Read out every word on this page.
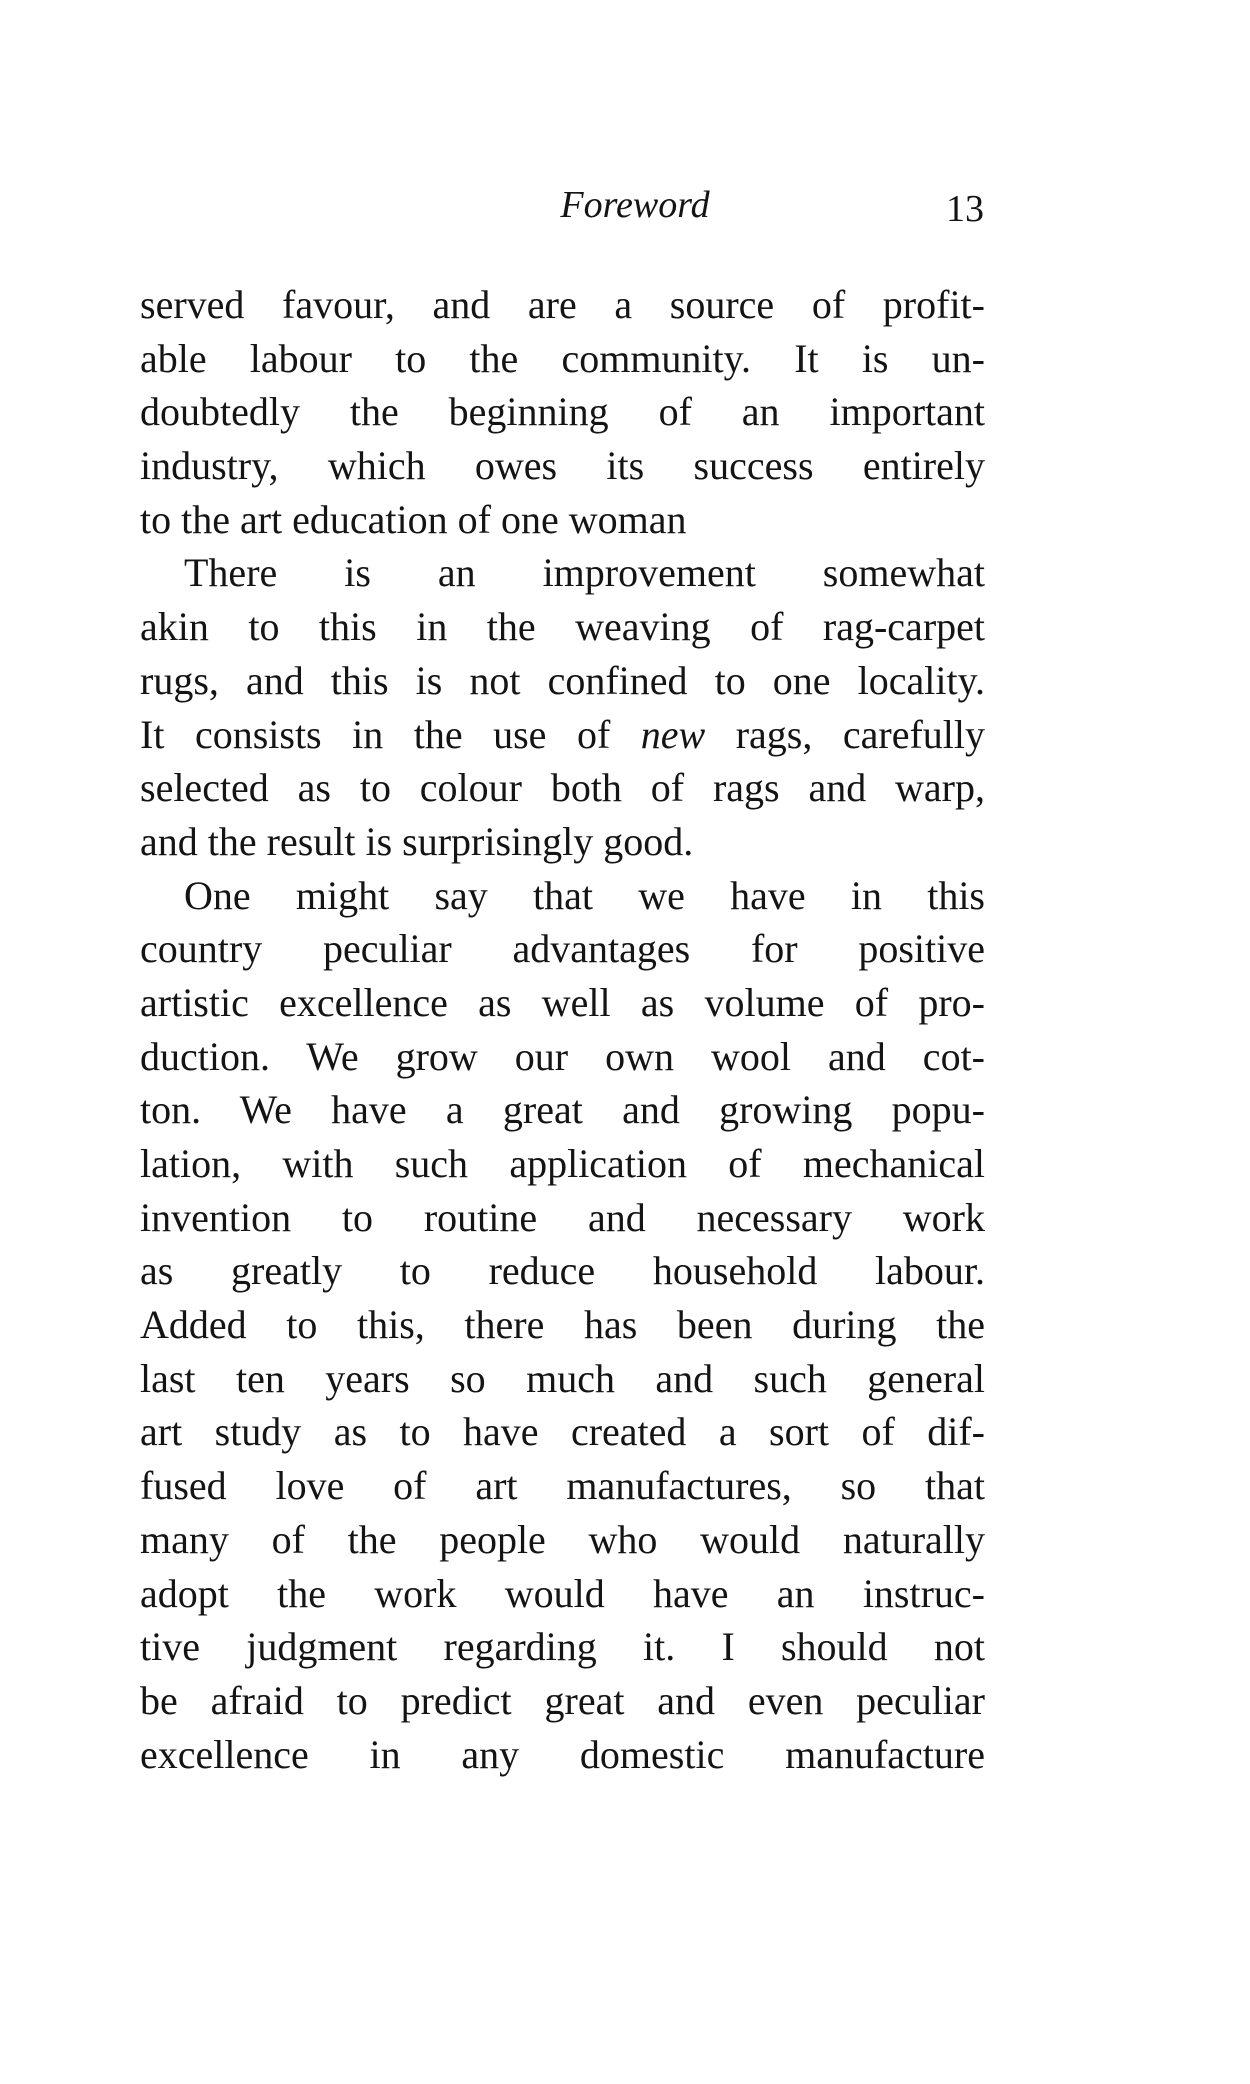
Foreword	13
served favour, and are a source of profit-
able labour to the community. It is un-
doubtedly the beginning of an important
industry, which owes its success entirely
to the art education of one woman
There is an improvement somewhat
akin to this in the weaving of rag-carpet
rugs, and this is not confined to one locality.
It consists in the use of new rags, carefully
selected as to colour both of rags and warp,
and the result is surprisingly good.
One might say that we have in this
country peculiar advantages for positive
artistic excellence as well as volume of pro-
duction. We grow our own wool and cot-
ton. We have a great and growing popu-
lation, with such application of mechanical
invention to routine and necessary work
as greatly to reduce household labour.
Added to this, there has been during the
last ten years so much and such general
art study as to have created a sort of dif-
fused love of art manufactures, so that
many of the people who would naturally
adopt the work would have an instruc-
tive judgment regarding it. I should not
be afraid to predict great and even peculiar
excellence in any domestic manufacture
